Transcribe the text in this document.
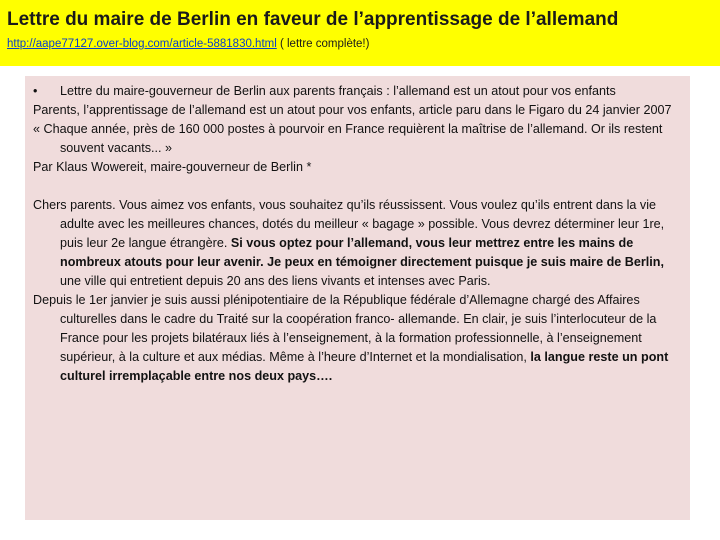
Lettre du maire de Berlin en faveur de l’apprentissage de l’allemand
http://aape77127.over-blog.com/article-5881830.html ( lettre complète!)

• Lettre du maire-gouverneur de Berlin aux parents français : l’allemand est un atout pour vos enfants

Parents, l’apprentissage de l’allemand est un atout pour vos enfants, article paru dans le Figaro du 24 janvier 2007

« Chaque année, près de 160 000 postes à pourvoir en France requièrent la maîtrise de l’allemand. Or ils restent souvent vacants... »

Par Klaus Wowereit, maire-gouverneur de Berlin *

Chers parents. Vous aimez vos enfants, vous souhaitez qu’ils réussissent. Vous voulez qu’ils entrent dans la vie adulte avec les meilleures chances, dotés du meilleur « bagage » possible. Vous devrez déterminer leur 1re, puis leur 2e langue étrangère. Si vous optez pour l’allemand, vous leur mettrez entre les mains de nombreux atouts pour leur avenir. Je peux en témoigner directement puisque je suis maire de Berlin, une ville qui entretient depuis 20 ans des liens vivants et intenses avec Paris.

Depuis le 1er janvier je suis aussi plénipotentiaire de la République fédérale d’Allemagne chargé des Affaires culturelles dans le cadre du Traité sur la coopération franco- allemande. En clair, je suis l’interlocuteur de la France pour les projets bilatéraux liés à l’enseignement, à la formation professionnelle, à l’enseignement supérieur, à la culture et aux médias. Même à l’heure d’Internet et la mondialisation, la langue reste un pont culturel irremplaçable entre nos deux pays….
